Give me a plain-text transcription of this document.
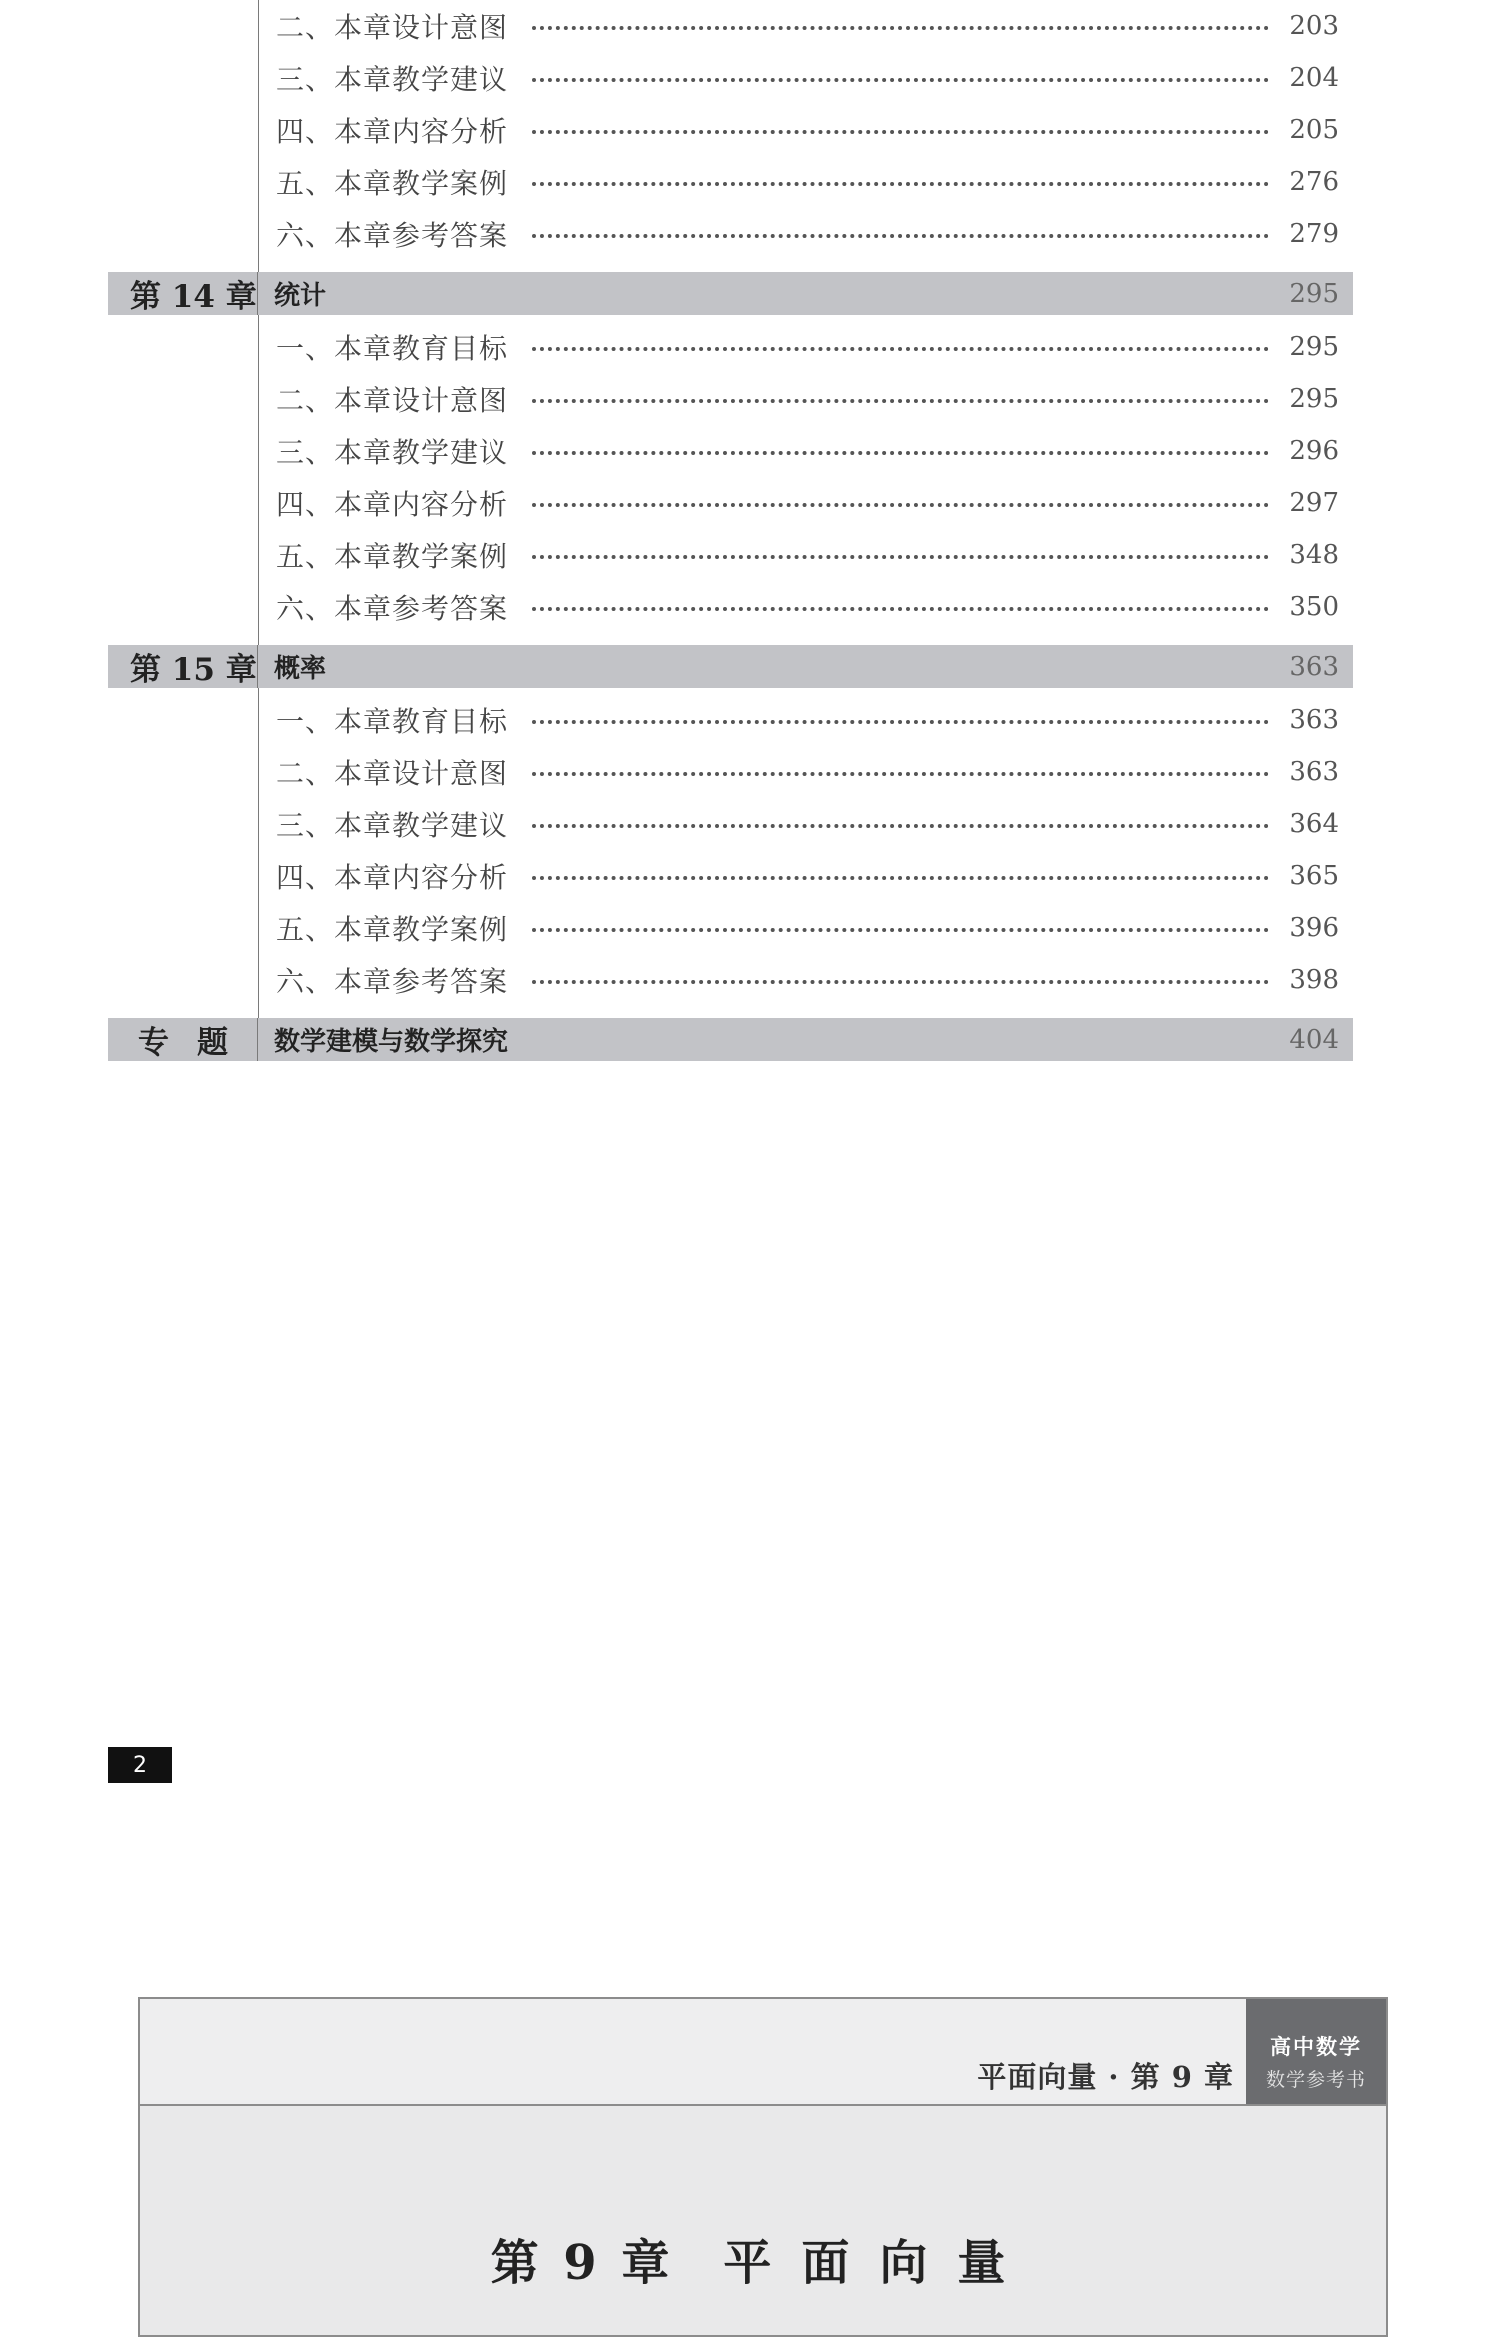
二、本章设计意图	203
三、本章教学建议	204
四、本章内容分析	205
五、本章教学案例	276
六、本章参考答案	279
第 14 章 统计	295
一、本章教育目标	295
二、本章设计意图	295
三、本章教学建议	296
四、本章内容分析	297
五、本章教学案例	348
六、本章参考答案	350
第 15 章 概率	363
一、本章教育目标	363
二、本章设计意图	363
三、本章教学建议	364
四、本章内容分析	365
五、本章教学案例	396
六、本章参考答案	398
专题 数学建模与数学探究	404
2
平面向量 · 第 9 章
高中数学
数学参考书
第 9 章 平面向量
